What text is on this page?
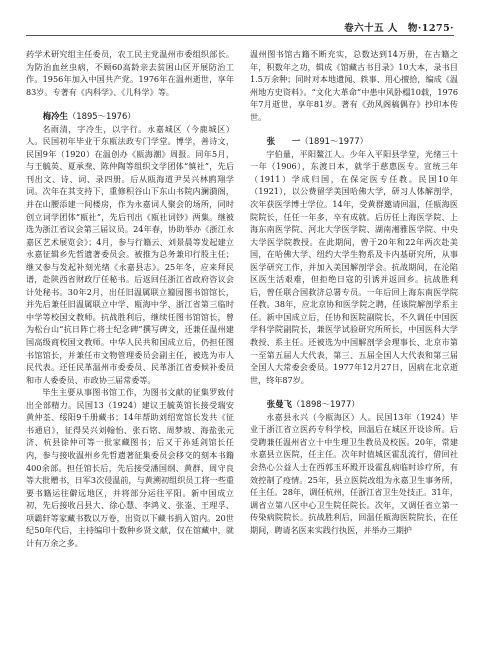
卷六十五 人　物·1275·

药学术研究组主任委员，农工民主党温州市委组织部长。为防治血丝虫病，不顾60高龄亲去贫困山区开展防治工作。1956年加入中国共产党。1976年在温州逝世，享年83岁。专著有《内科学》、《儿科学》等。

梅冷生（1895～1976）

名雨清，字冷生，以字行。永嘉城区（今鹿城区）人。民国初年毕业于东瓯法政专门学堂。博学，善诗文，民国9年（1920）在温创办《瓯海潮》周报。同年5月，与王毓英、夏承焘、陈仲陶等组织文学团体“慎社”，先后刊出文、诗、词、录四册。后从瓯海道尹吴兴林鸥翔学词。次年在其支持下，重修积谷山下东山书院内澜漪阁，并在山腰添建一间楼房，作为永嘉词人聚会的场所，同时创立词学团体“瓯社”，先后刊出《瓯社词钞》两集。继被选为浙江省议会第三届议员。24年春，协助举办《浙江永嘉区艺术展览会》；4月，参与行籍云、刘景晨等发起建立永嘉征辑乡先哲遗著委员会。被推为总务兼印行股主任；继又参与发起补刻光绪《永嘉县志》。25年冬，应来拜民谱，赴陕西省财政厅任秘书。后返回任浙江省政府咨议会计处秘书。30年2月，出任旧温属联立籀园图书馆馆长，并先后兼任旧温属联立中学、瓯海中学、浙江省第三临时中学等校国文教师。抗战胜利后，继续任图书馆馆长，曾为松台山“抗日阵亡将士纪念碑”撰写碑文，还兼任温州建国高级商校国文教师。中华人民共和国成立后，仍担任图书馆馆长，并兼任市文物管理委员会副主任，被选为市人民代表。还任民革温州市委委员、民革浙江省委候补委员和市人委委员、市政协三届常委等。

毕生主要从事图书馆工作，为图书文献的征集罗致付出全部精力。民国13（1924）建议王毓英馆长接受瑞安黄仲荃、绥阳9千册藏书；14年帮助刘绍宽馆长发共《征书通启》，征得吴兴刘翰怡、张石铭、周梦坡、海盐张元济、杭县徐仲可等一批家藏图书；后又于孙延剑馆长任内，参与接收温州乡先哲遗著征集委员会移交的刻本书籍400余部。担任馆长后，先后接受潘国纲、黄群、周守良等大批赠书，日军3次侵温前，与黄溯初组织员工将一些重要书籍运往僻远地区，并将部分运往平阳。新中国成立初，先后接收吕县大、徐心慧、李鸿义、张崟、王理孚、项霸轩等家藏书数以万卷，出资以下藏书捐入馆内。20世纪50年代后，主持编印十数种乡贤文献，仅在馆藏中，就计有万余之多。

温州图书馆古籍不断充实，总数达到14万册，在古籍之年，积数年之功，辑成《馆藏古书目录》10大本，录书目1.5万余种；同时对本地遗闻、轶事、用心擅拾，编成《温州地方史资料》。“文化大革命”中患中风卧榻10载，1976年7月逝世，享年81岁。著有《劲风阁稿偶存》抄印本传世。

张　　一（1891～1977）

字伯量，平阳鳌江人。少年入平阳县学堂，光绪三十一年（1906），东渡日本，就学于慈惠医专。宣统三年（1911）学成归国，在保定医专任教。民国10年（1921），以公费留学美国哈佛大学，研习人体解剖学，次年获医学博士学位。14年，受黄群邀请回温，任瓯海医院院长，任任一年多，卒有成就。后历任上海医学院、上海东南医学院、河北大学医学院、湖南湘雅医学院、中央大学医学院教授。在此期间，曾于20年和22年两次赴美国，在哈佛大学、纽约大学生物系及卡内基研究所，从事医学研究工作，并加入美国解剖学会。抗战期间，在沦陷区医生活艰难，但拒绝日寇的引诱并返回乡。抗战胜利后，曾任联合国救济总署专员。一年后回上海东南医学院任教。38年，应北京协和医学院之聘，任该院解剖学系主任。新中国成立后，任协和医院副院长，不久调任中国医学科学院副院长，兼医学试验研究所所长，中国医科大学教授、系主任。还被选为中国解剖学会理事长、北京市第一至第五届人大代表，第三、五届全国人大代表和第三届全国人大常委会委员。1977年12月27日，因病在北京逝世，终年87岁。

张曼飞（1898～1977）

永嘉县永兴（今瓯海区）人。民国13年（1924）毕业于浙江省立医药专科学校，回温后在城区开设诊所。后受聘兼任温州省立十中生理卫生教员及校医。20年，常建永嘉县立医院，任主任。次年时值城区霍乱流行，借回社会热心公益人士在西郭玉环殿开设霍乱病临时诊疗所，有效控制了疫情。25年，县立医院改组为永嘉卫生事务所，任主任。28年，调任杭州，任浙江省卫生处技正。31年，调省立第八区中心卫生院任院长。次年，又调任省立第一传染病院院长。抗战胜利后，回温任瓯海医院院长，在任期间，聘请名医来实践行执医，并举办三期护
